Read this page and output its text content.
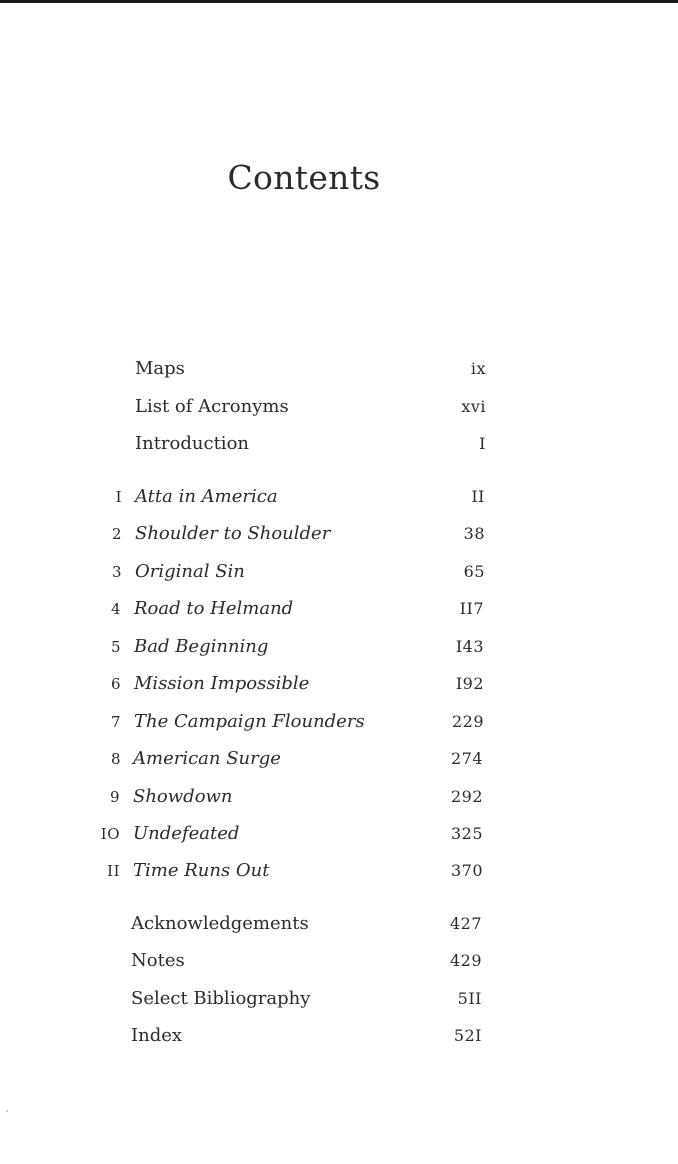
Contents
Maps	ix
List of Acronyms	xvi
Introduction	I
I Atta in America	II
2 Shoulder to Shoulder	38
3 Original Sin	65
4 Road to Helmand	II7
5 Bad Beginning	I43
6 Mission Impossible	I92
7 The Campaign Flounders	229
8 American Surge	274
9 Showdown	292
IO Undefeated	325
II Time Runs Out	370
Acknowledgements	427
Notes	429
Select Bibliography	5II
Index	52I
